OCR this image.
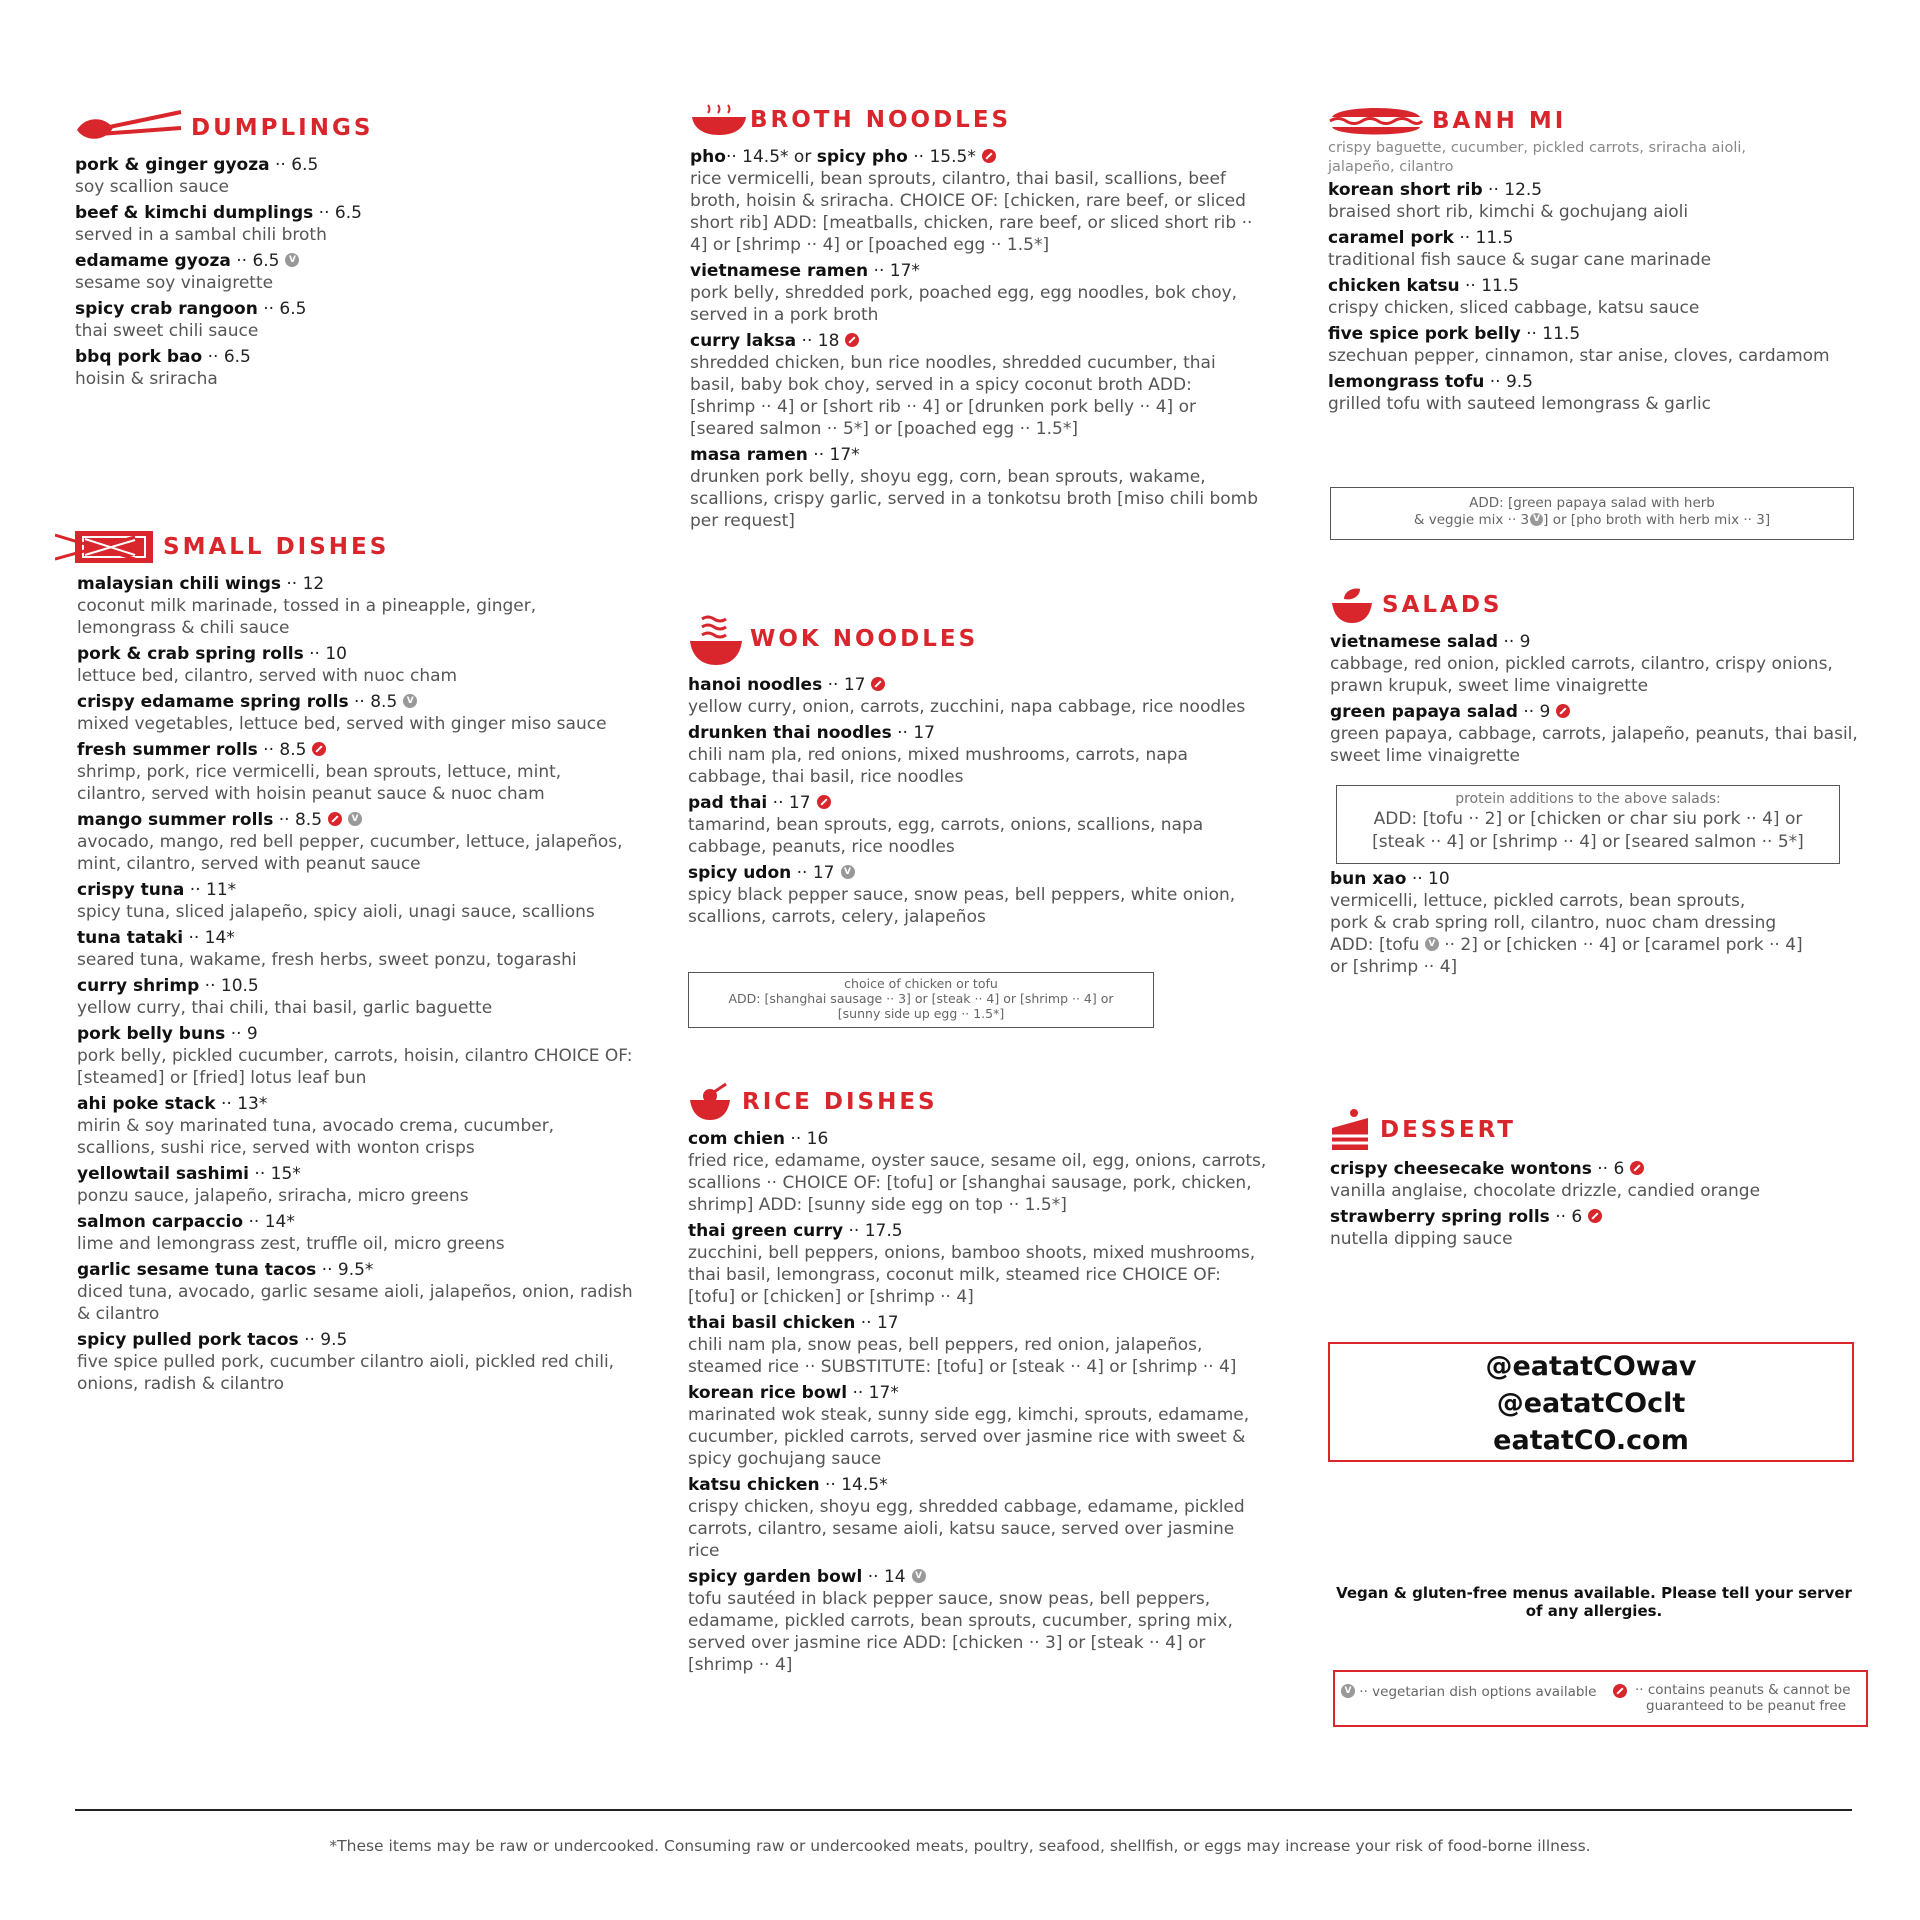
DUMPLINGS
pork & ginger gyoza ·· 6.5
soy scallion sauce
beef & kimchi dumplings ·· 6.5
served in a sambal chili broth
edamame gyoza ·· 6.5 V
sesame soy vinaigrette
spicy crab rangoon ·· 6.5
thai sweet chili sauce
bbq pork bao ·· 6.5
hoisin & sriracha
SMALL DISHES
malaysian chili wings ·· 12
coconut milk marinade, tossed in a pineapple, ginger, lemongrass & chili sauce
pork & crab spring rolls ·· 10
lettuce bed, cilantro, served with nuoc cham
crispy edamame spring rolls ·· 8.5 V
mixed vegetables, lettuce bed, served with ginger miso sauce
fresh summer rolls ·· 8.5
shrimp, pork, rice vermicelli, bean sprouts, lettuce, mint, cilantro, served with hoisin peanut sauce & nuoc cham
mango summer rolls ·· 8.5	V
avocado, mango, red bell pepper, cucumber, lettuce, jalapeños, mint, cilantro, served with peanut sauce
crispy tuna ·· 11*
spicy tuna, sliced jalapeño, spicy aioli, unagi sauce, scallions
tuna tataki ·· 14*
seared tuna, wakame, fresh herbs, sweet ponzu, togarashi
curry shrimp ·· 10.5
yellow curry, thai chili, thai basil, garlic baguette
pork belly buns ·· 9
pork belly, pickled cucumber, carrots, hoisin, cilantro CHOICE OF: [steamed] or [fried] lotus leaf bun
ahi poke stack ·· 13*
mirin & soy marinated tuna, avocado crema, cucumber, scallions, sushi rice, served with wonton crisps
yellowtail sashimi ·· 15*
ponzu sauce, jalapeño, sriracha, micro greens
salmon carpaccio ·· 14*
lime and lemongrass zest, truffle oil, micro greens
garlic sesame tuna tacos ·· 9.5*
diced tuna, avocado, garlic sesame aioli, jalapeños, onion, radish & cilantro
spicy pulled pork tacos ·· 9.5
five spice pulled pork, cucumber cilantro aioli, pickled red chili, onions, radish & cilantro
BROTH NOODLES
pho·· 14.5* or spicy pho ·· 15.5*
rice vermicelli, bean sprouts, cilantro, thai basil, scallions, beef broth, hoisin & sriracha. CHOICE OF: [chicken, rare beef, or sliced short rib] ADD: [meatballs, chicken, rare beef, or sliced short rib ·· 4] or [shrimp ·· 4] or [poached egg ·· 1.5*]
vietnamese ramen ·· 17*
pork belly, shredded pork, poached egg, egg noodles, bok choy, served in a pork broth
curry laksa ·· 18
shredded chicken, bun rice noodles, shredded cucumber, thai basil, baby bok choy, served in a spicy coconut broth ADD: [shrimp ·· 4] or [short rib ·· 4] or [drunken pork belly ·· 4] or [seared salmon ·· 5*] or [poached egg ·· 1.5*]
masa ramen ·· 17*
drunken pork belly, shoyu egg, corn, bean sprouts, wakame, scallions, crispy garlic, served in a tonkotsu broth [miso chili bomb per request]
WOK NOODLES
hanoi noodles ·· 17
yellow curry, onion, carrots, zucchini, napa cabbage, rice noodles
drunken thai noodles ·· 17
chili nam pla, red onions, mixed mushrooms, carrots, napa cabbage, thai basil, rice noodles
pad thai ·· 17
tamarind, bean sprouts, egg, carrots, onions, scallions, napa cabbage, peanuts, rice noodles
spicy udon ·· 17 V
spicy black pepper sauce, snow peas, bell peppers, white onion, scallions, carrots, celery, jalapeños
choice of chicken or tofu
ADD: [shanghai sausage ·· 3] or [steak ·· 4] or [shrimp ·· 4] or
[sunny side up egg ·· 1.5*]
RICE DISHES
com chien ·· 16
fried rice, edamame, oyster sauce, sesame oil, egg, onions, carrots, scallions ·· CHOICE OF: [tofu] or [shanghai sausage, pork, chicken, shrimp] ADD: [sunny side egg on top ·· 1.5*]
thai green curry ·· 17.5
zucchini, bell peppers, onions, bamboo shoots, mixed mushrooms, thai basil, lemongrass, coconut milk, steamed rice CHOICE OF: [tofu] or [chicken] or [shrimp ·· 4]
thai basil chicken ·· 17
chili nam pla, snow peas, bell peppers, red onion, jalapeños, steamed rice ·· SUBSTITUTE: [tofu] or [steak ·· 4] or [shrimp ·· 4]
korean rice bowl ·· 17*
marinated wok steak, sunny side egg, kimchi, sprouts, edamame, cucumber, pickled carrots, served over jasmine rice with sweet & spicy gochujang sauce
katsu chicken ·· 14.5*
crispy chicken, shoyu egg, shredded cabbage, edamame, pickled carrots, cilantro, sesame aioli, katsu sauce, served over jasmine rice
spicy garden bowl ·· 14 V
tofu sautéed in black pepper sauce, snow peas, bell peppers, edamame, pickled carrots, bean sprouts, cucumber, spring mix, served over jasmine rice ADD: [chicken ·· 3] or [steak ·· 4] or [shrimp ·· 4]
BANH MI
crispy baguette, cucumber, pickled carrots, sriracha aioli, jalapeño, cilantro
korean short rib ·· 12.5
braised short rib, kimchi & gochujang aioli
caramel pork ·· 11.5
traditional fish sauce & sugar cane marinade
chicken katsu ·· 11.5
crispy chicken, sliced cabbage, katsu sauce
five spice pork belly ·· 11.5
szechuan pepper, cinnamon, star anise, cloves, cardamom
lemongrass tofu ·· 9.5
grilled tofu with sauteed lemongrass & garlic
ADD: [green papaya salad with herb
& veggie mix ·· 3 V ] or [pho broth with herb mix ·· 3]
SALADS
vietnamese salad ·· 9
cabbage, red onion, pickled carrots, cilantro, crispy onions, prawn krupuk, sweet lime vinaigrette
green papaya salad ·· 9
green papaya, cabbage, carrots, jalapeño, peanuts, thai basil, sweet lime vinaigrette
protein additions to the above salads:
ADD: [tofu ·· 2] or [chicken or char siu pork ·· 4] or
[steak ·· 4] or [shrimp ·· 4] or [seared salmon ·· 5*]
bun xao ·· 10
vermicelli, lettuce, pickled carrots, bean sprouts,
pork & crab spring roll, cilantro, nuoc cham dressing
ADD: [tofu V ·· 2] or [chicken ·· 4] or [caramel pork ·· 4]
or [shrimp ·· 4]
DESSERT
crispy cheesecake wontons ·· 6
vanilla anglaise, chocolate drizzle, candied orange
strawberry spring rolls ·· 6
nutella dipping sauce
@eatatCOwav
@eatatCOclt
eatatCO.com
Vegan & gluten-free menus available. Please tell your server of any allergies.
V ·· vegetarian dish options available	·· contains peanuts & cannot be
guaranteed to be peanut free
*These items may be raw or undercooked. Consuming raw or undercooked meats, poultry, seafood, shellfish, or eggs may increase your risk of food-borne illness.
